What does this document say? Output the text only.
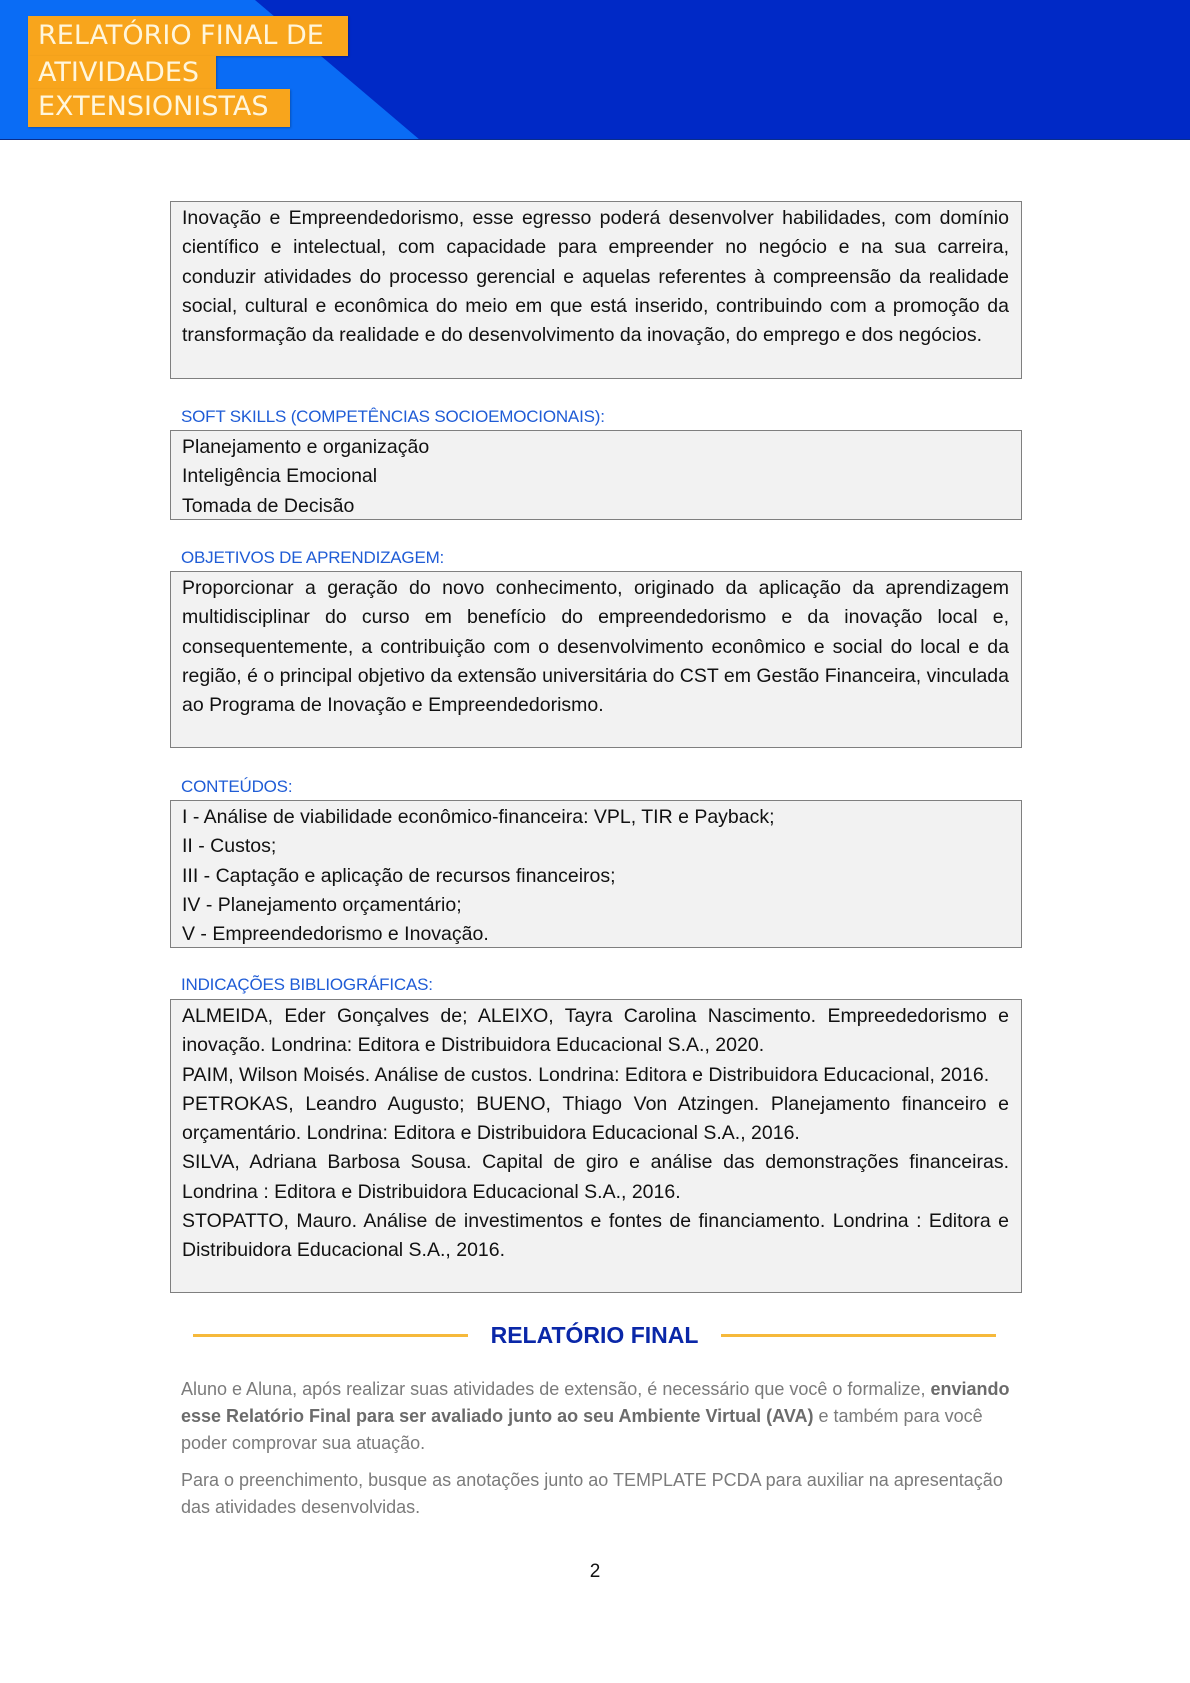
RELATÓRIO FINAL DE
ATIVIDADES
EXTENSIONISTAS

Inovação e Empreendedorismo, esse egresso poderá desenvolver habilidades, com domínio científico e intelectual, com capacidade para empreender no negócio e na sua carreira, conduzir atividades do processo gerencial e aquelas referentes à compreensão da realidade social, cultural e econômica do meio em que está inserido, contribuindo com a promoção da transformação da realidade e do desenvolvimento da inovação, do emprego e dos negócios.

SOFT SKILLS (COMPETÊNCIAS SOCIOEMOCIONAIS):

Planejamento e organização

Inteligência Emocional

Tomada de Decisão

OBJETIVOS DE APRENDIZAGEM:

Proporcionar a geração do novo conhecimento, originado da aplicação da aprendizagem multidisciplinar do curso em benefício do empreendedorismo e da inovação local e, consequentemente, a contribuição com o desenvolvimento econômico e social do local e da região, é o principal objetivo da extensão universitária do CST em Gestão Financeira, vinculada ao Programa de Inovação e Empreendedorismo.

CONTEÚDOS:

I - Análise de viabilidade econômico-financeira: VPL, TIR e Payback;

II - Custos;

III - Captação e aplicação de recursos financeiros;

IV - Planejamento orçamentário;

V - Empreendedorismo e Inovação.

INDICAÇÕES BIBLIOGRÁFICAS:

ALMEIDA, Eder Gonçalves de; ALEIXO, Tayra Carolina Nascimento. Empreededorismo e inovação. Londrina: Editora e Distribuidora Educacional S.A., 2020.

PAIM, Wilson Moisés. Análise de custos. Londrina: Editora e Distribuidora Educacional, 2016.

PETROKAS, Leandro Augusto; BUENO, Thiago Von Atzingen. Planejamento financeiro e orçamentário. Londrina: Editora e Distribuidora Educacional S.A., 2016.

SILVA, Adriana Barbosa Sousa. Capital de giro e análise das demonstrações financeiras. Londrina : Editora e Distribuidora Educacional S.A., 2016.

STOPATTO, Mauro. Análise de investimentos e fontes de financiamento. Londrina : Editora e Distribuidora Educacional S.A., 2016.

RELATÓRIO FINAL

Aluno e Aluna, após realizar suas atividades de extensão, é necessário que você o formalize, enviando esse Relatório Final para ser avaliado junto ao seu Ambiente Virtual (AVA) e também para você poder comprovar sua atuação.

Para o preenchimento, busque as anotações junto ao TEMPLATE PCDA para auxiliar na apresentação das atividades desenvolvidas.

2
